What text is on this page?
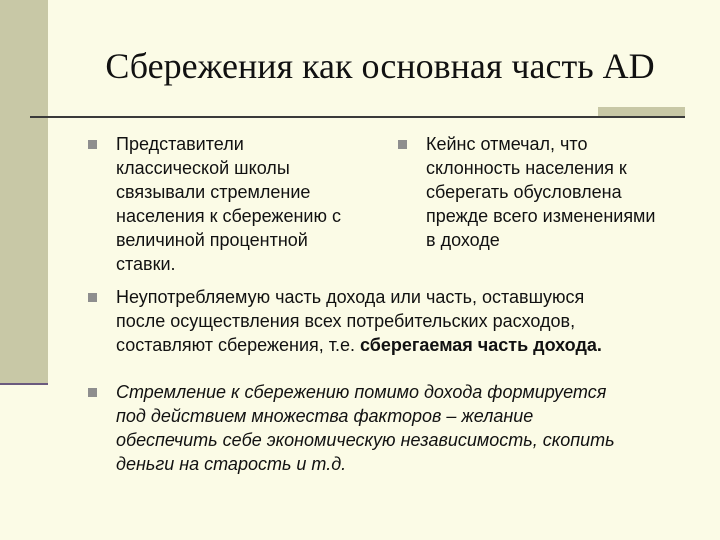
Сбережения как основная часть AD
Представители
классической школы
связывали стремление
населения к сбережению с
величиной процентной
ставки.
Кейнс отмечал, что
склонность населения к
сберегать обусловлена
прежде всего изменениями
в доходе
Неупотребляемую часть дохода или часть, оставшуюся
после осуществления всех потребительских расходов,
составляют сбережения, т.е. сберегаемая часть дохода.
Стремление к сбережению помимо дохода формируется
под действием множества факторов – желание
обеспечить себе экономическую независимость, скопить
деньги на старость и т.д.
